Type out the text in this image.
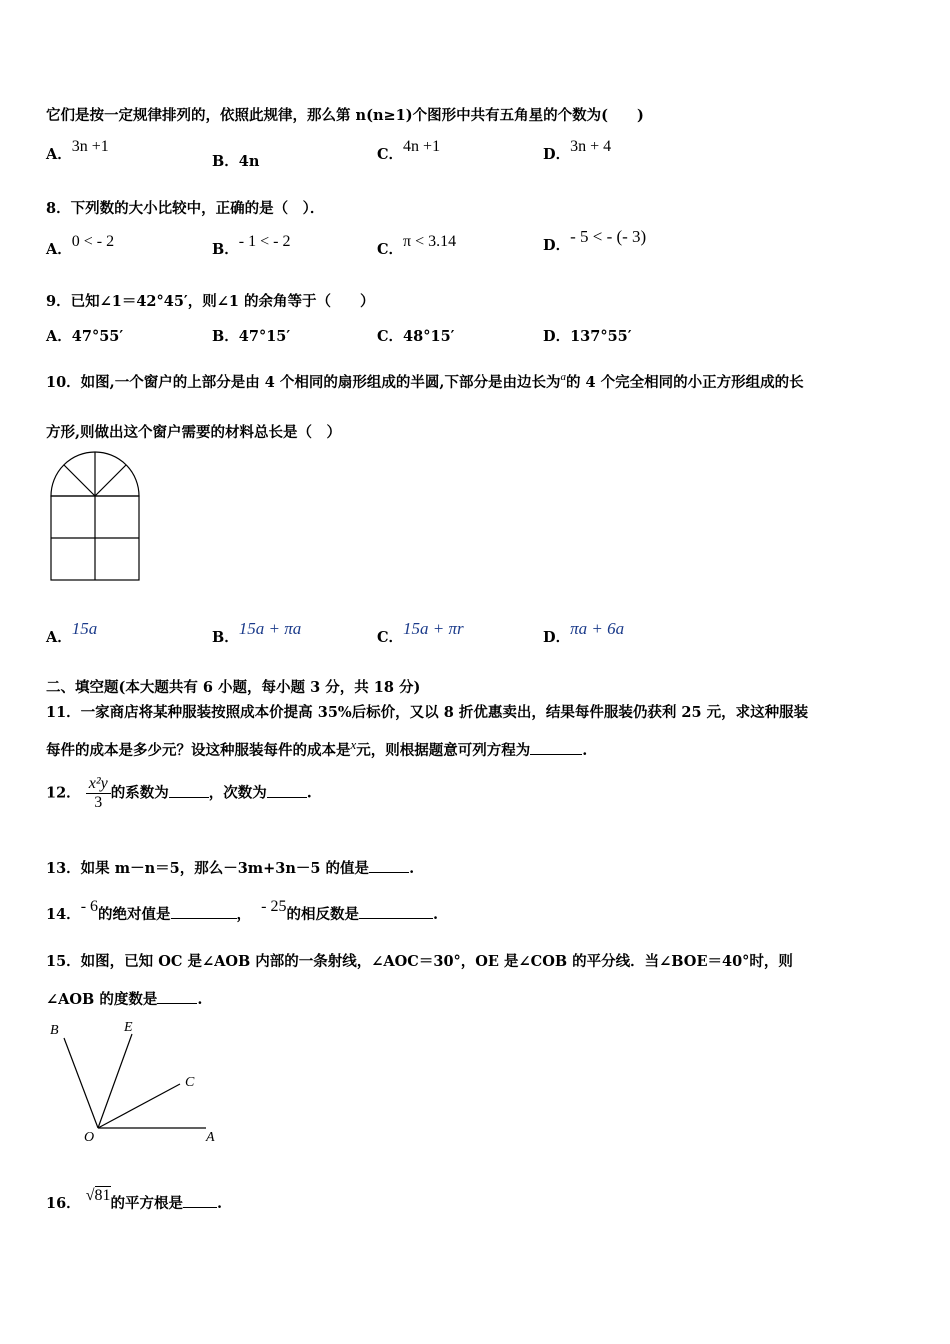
它们是按一定规律排列的，依照此规律，那么第 n(n≥1)个图形中共有五角星的个数为(　　)
A．3n +1
B．4n	C．4n +1	D．3n + 4
8．下列数的大小比较中，正确的是（　）．
A．0 < - 2	B．- 1 < - 2	C．π < 3.14	D．- 5 < - (- 3)
9．已知∠1＝42°45′，则∠1 的余角等于（　　）
A．47°55′	B．47°15′	C．48°15′	D．137°55′
10．如图,一个窗户的上部分是由 4 个相同的扇形组成的半圆,下部分是由边长为$^a$的 4 个完全相同的小正方形组成的长
方形,则做出这个窗户需要的材料总长是（　）
A．15a	B．15a + πa	C．15a + πr	D．πa + 6a
二、填空题(本大题共有 6 小题，每小题 3 分，共 18 分)
11．一家商店将某种服装按照成本价提高 35%后标价，又以 8 折优惠卖出，结果每件服装仍获利 25 元，求这种服装
每件的成本是多少元？设这种服装每件的成本是x元，则根据题意可列方程为	.
12． $\frac{\text{x²y}}{3}$ 的系数为	，次数为	.
13．如果 m－n＝5，那么－3m+3n－5 的值是	.
14．- 6的绝对值是	， - 25的相反数是	.
15．如图，已知 OC 是∠AOB 内部的一条射线，∠AOC＝30°，OE 是∠COB 的平分线．当∠BOE＝40°时，则
∠AOB 的度数是	.
B	E
C
O	A
16． √81的平方根是 .
